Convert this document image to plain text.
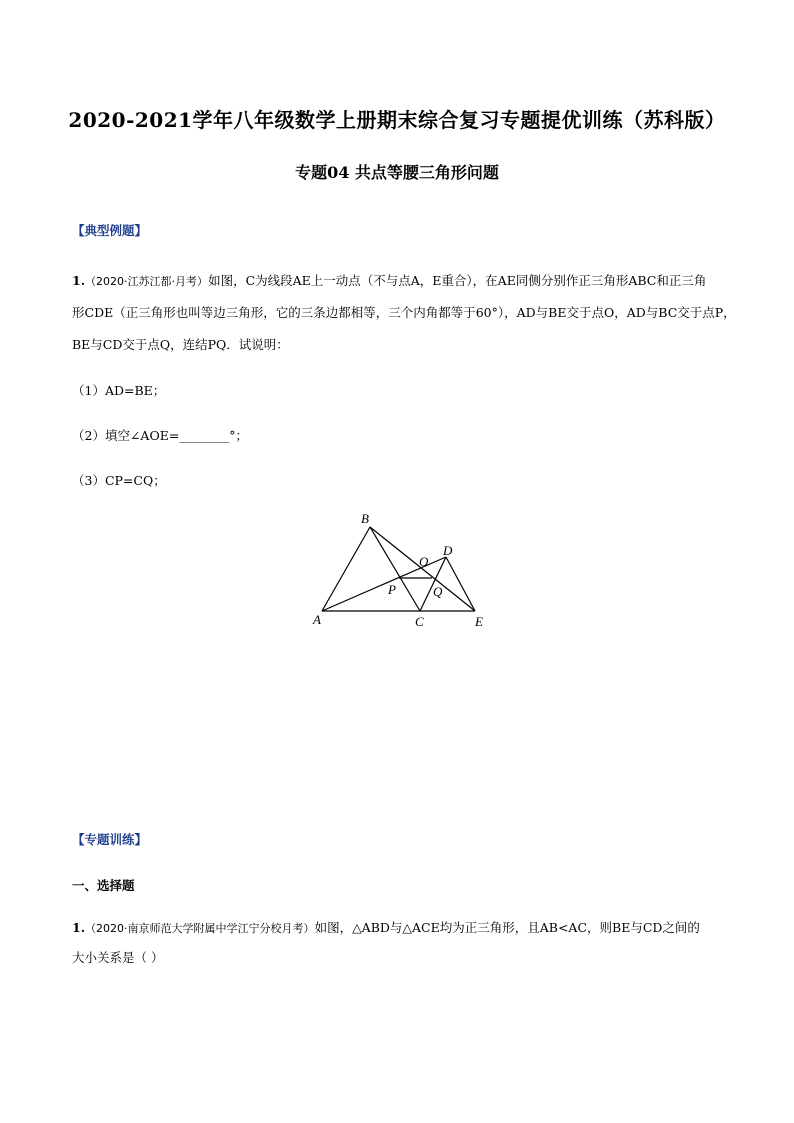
2020-2021学年八年级数学上册期末综合复习专题提优训练（苏科版）
专题04 共点等腰三角形问题
【典型例题】
1.（2020·江苏江都·月考）如图，C为线段AE上一动点（不与点A，E重合），在AE同侧分别作正三角形ABC和正三角
形CDE（正三角形也叫等边三角形，它的三条边都相等，三个内角都等于60°），AD与BE交于点O，AD与BC交于点P，
BE与CD交于点Q，连结PQ．试说明：
（1）AD=BE；
（2）填空∠AOE=________°；
（3）CP=CQ；
B
O
D
P	Q
A	C	E
【专题训练】
一、选择题
1.（2020·南京师范大学附属中学江宁分校月考）如图，△ABD与△ACE均为正三角形，且AB<AC，则BE与CD之间的
大小关系是（ ）
